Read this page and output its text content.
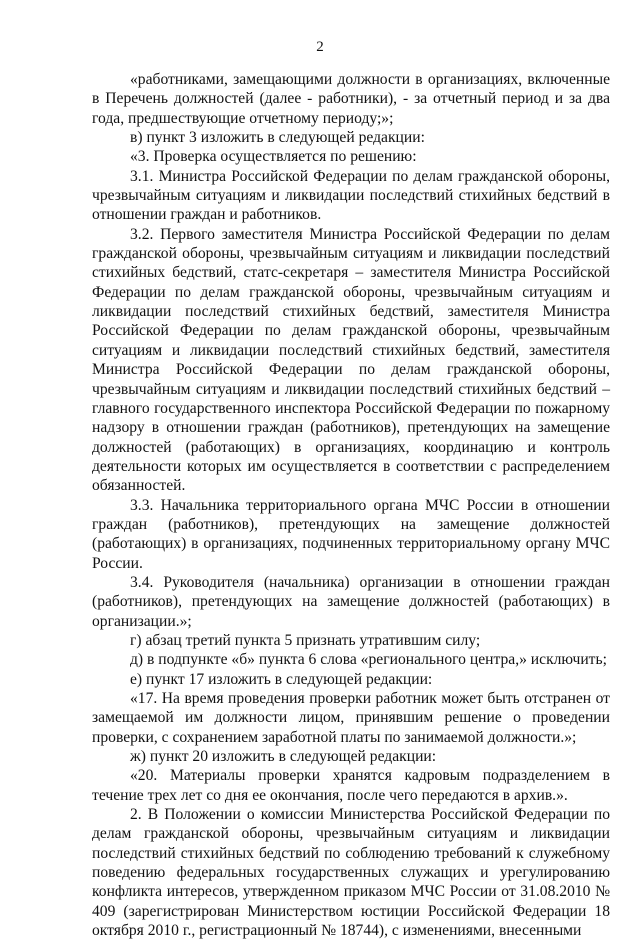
2

«работниками, замещающими должности в организациях, включенные в Перечень должностей (далее - работники), - за отчетный период и за два года, предшествующие отчетному периоду;»;

в) пункт 3 изложить в следующей редакции:

«3. Проверка осуществляется по решению:

3.1. Министра Российской Федерации по делам гражданской обороны, чрезвычайным ситуациям и ликвидации последствий стихийных бедствий в отношении граждан и работников.

3.2. Первого заместителя Министра Российской Федерации по делам гражданской обороны, чрезвычайным ситуациям и ликвидации последствий стихийных бедствий, статс-секретаря – заместителя Министра Российской Федерации по делам гражданской обороны, чрезвычайным ситуациям и ликвидации последствий стихийных бедствий, заместителя Министра Российской Федерации по делам гражданской обороны, чрезвычайным ситуациям и ликвидации последствий стихийных бедствий, заместителя Министра Российской Федерации по делам гражданской обороны, чрезвычайным ситуациям и ликвидации последствий стихийных бедствий – главного государственного инспектора Российской Федерации по пожарному надзору в отношении граждан (работников), претендующих на замещение должностей (работающих) в организациях, координацию и контроль деятельности которых им осуществляется в соответствии с распределением обязанностей.

3.3. Начальника территориального органа МЧС России в отношении граждан (работников), претендующих на замещение должностей (работающих) в организациях, подчиненных территориальному органу МЧС России.

3.4. Руководителя (начальника) организации в отношении граждан (работников), претендующих на замещение должностей (работающих) в организации.»;

г) абзац третий пункта 5 признать утратившим силу;

д) в подпункте «б» пункта 6 слова «регионального центра,» исключить;

е) пункт 17 изложить в следующей редакции:

«17. На время проведения проверки работник может быть отстранен от замещаемой им должности лицом, принявшим решение о проведении проверки, с сохранением заработной платы по занимаемой должности.»;

ж) пункт 20 изложить в следующей редакции:

«20. Материалы проверки хранятся кадровым подразделением в течение трех лет со дня ее окончания, после чего передаются в архив.».

2. В Положении о комиссии Министерства Российской Федерации по делам гражданской обороны, чрезвычайным ситуациям и ликвидации последствий стихийных бедствий по соблюдению требований к служебному поведению федеральных государственных служащих и урегулированию конфликта интересов, утвержденном приказом МЧС России от 31.08.2010 № 409 (зарегистрирован Министерством юстиции Российской Федерации 18 октября 2010 г., регистрационный № 18744), с изменениями, внесенными
